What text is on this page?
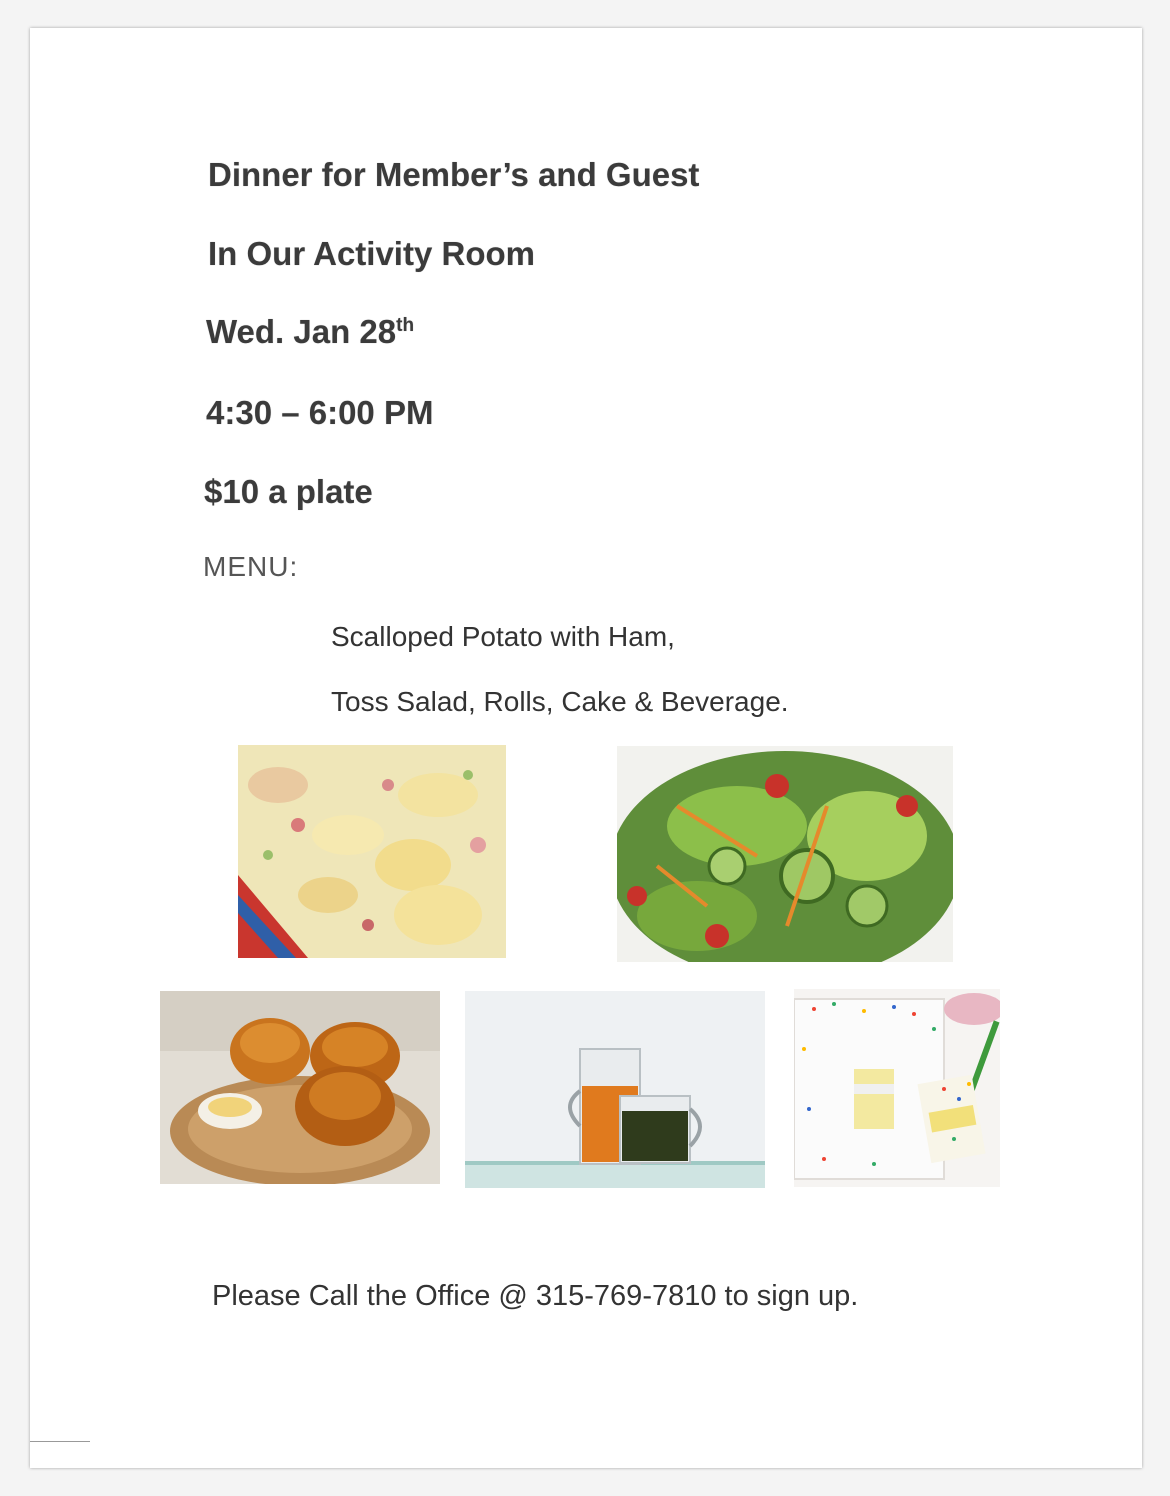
Dinner for Member’s and Guest

In Our Activity Room

Wed. Jan 28th

4:30 – 6:00 PM

$10 a plate

MENU:
Scalloped Potato with Ham,
Toss Salad, Rolls, Cake & Beverage.
Please Call the Office @ 315-769-7810 to sign up.
